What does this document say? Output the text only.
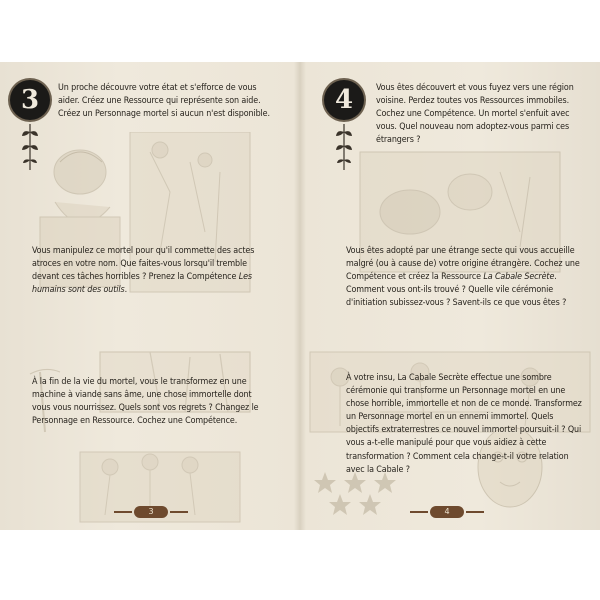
3	Un proche découvre votre état et s'efforce de vous aider. Créez une Ressource qui représente son aide. Créez un Personnage mortel si aucun n'est disponible.

Vous manipulez ce mortel pour qu'il commette des actes atroces en votre nom. Que faites-vous lorsqu'il tremble devant ces tâches horribles ? Prenez la Compétence Les humains sont des outils.

À la fin de la vie du mortel, vous le transformez en une machine à viande sans âme, une chose immortelle dont vous vous nourrissez. Quels sont vos regrets ? Changez le Personnage en Ressource. Cochez une Compétence.

3
4	Vous êtes découvert et vous fuyez vers une région voisine. Perdez toutes vos Ressources immobiles. Cochez une Compétence. Un mortel s'enfuit avec vous. Quel nouveau nom adoptez-vous parmi ces étrangers ?

Vous êtes adopté par une étrange secte qui vous accueille malgré (ou à cause de) votre origine étrangère. Cochez une Compétence et créez la Ressource La Cabale Secrète. Comment vous ont-ils trouvé ? Quelle vile cérémonie d'initiation subissez-vous ? Savent-ils ce que vous êtes ?

À votre insu, La Cabale Secrète effectue une sombre cérémonie qui transforme un Personnage mortel en une chose horrible, immortelle et non de ce monde. Transformez un Personnage mortel en un ennemi immortel. Quels objectifs extraterrestres ce nouvel immortel poursuit-il ? Qui vous a-t-elle manipulé pour que vous aidiez à cette transformation ? Comment cela change-t-il votre relation avec la Cabale ?

4
